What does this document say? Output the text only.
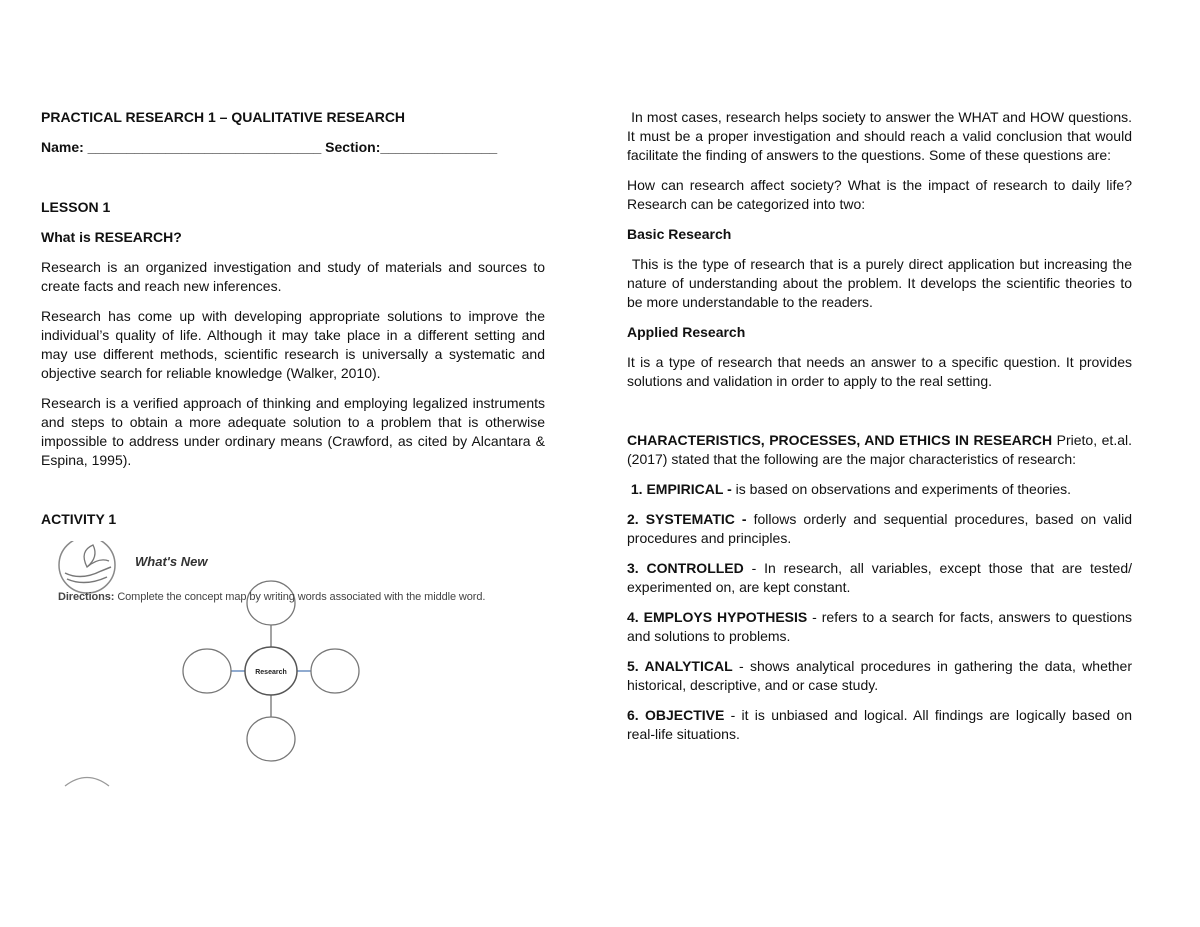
PRACTICAL RESEARCH 1 – QUALITATIVE RESEARCH

Name: ______________________________ Section:_______________

LESSON 1

What is RESEARCH?

Research is an organized investigation and study of materials and sources to create facts and reach new inferences.

Research has come up with developing appropriate solutions to improve the individual’s quality of life. Although it may take place in a different setting and may use different methods, scientific research is universally a systematic and objective search for reliable knowledge (Walker, 2010).

Research is a verified approach of thinking and employing legalized instruments and steps to obtain a more adequate solution to a problem that is otherwise impossible to address under ordinary means (Crawford, as cited by Alcantara & Espina, 1995).

ACTIVITY 1

Research
What's New
Directions: Complete the concept map by writing words associated with the middle word.

In most cases, research helps society to answer the WHAT and HOW questions. It must be a proper investigation and should reach a valid conclusion that would facilitate the finding of answers to the questions. Some of these questions are:

How can research affect society? What is the impact of research to daily life? Research can be categorized into two:

Basic Research

This is the type of research that is a purely direct application but increasing the nature of understanding about the problem. It develops the scientific theories to be more understandable to the readers.

Applied Research

It is a type of research that needs an answer to a specific question. It provides solutions and validation in order to apply to the real setting.

CHARACTERISTICS, PROCESSES, AND ETHICS IN RESEARCH Prieto, et.al. (2017) stated that the following are the major characteristics of research:

1. EMPIRICAL - is based on observations and experiments of theories.

2. SYSTEMATIC - follows orderly and sequential procedures, based on valid procedures and principles.

3. CONTROLLED - In research, all variables, except those that are tested/ experimented on, are kept constant.

4. EMPLOYS HYPOTHESIS - refers to a search for facts, answers to questions and solutions to problems.

5. ANALYTICAL - shows analytical procedures in gathering the data, whether historical, descriptive, and or case study.

6. OBJECTIVE - it is unbiased and logical. All findings are logically based on real-life situations.
